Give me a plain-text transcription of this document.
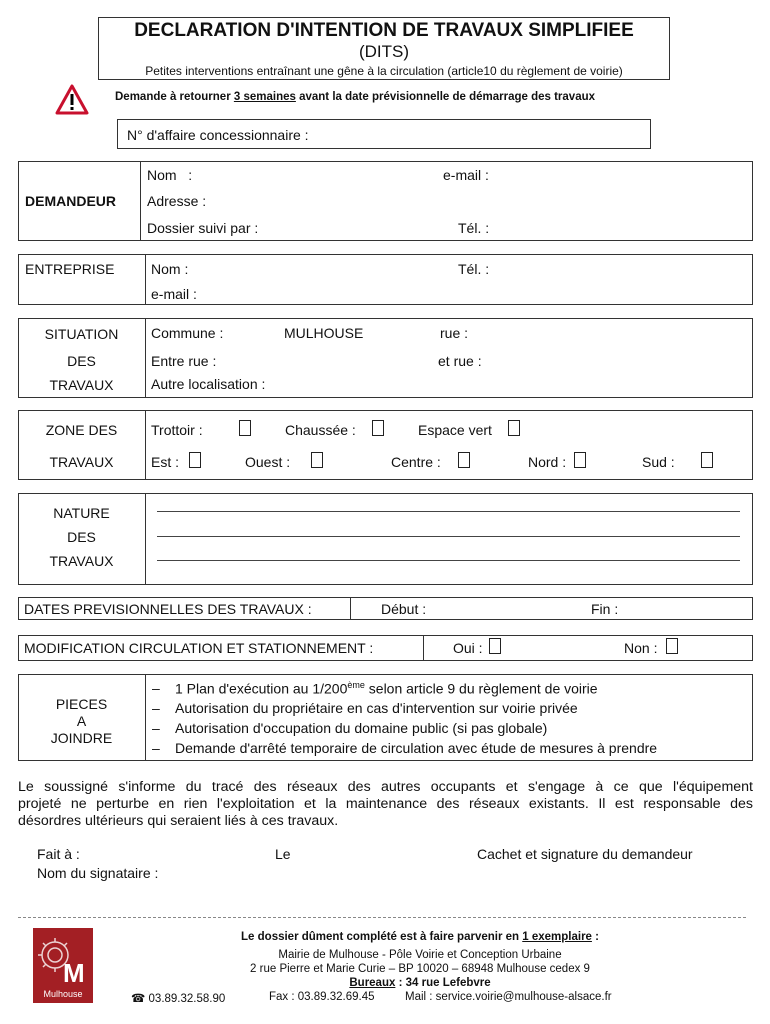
DECLARATION D'INTENTION DE TRAVAUX SIMPLIFIEE
(DITS)
Petites interventions entraînant une gêne à la circulation (article10 du règlement de voirie)
Demande à retourner 3 semaines avant la date prévisionnelle de démarrage des travaux
N° d'affaire concessionnaire :
DEMANDEUR
Nom   :	e-mail :
Adresse :
Dossier suivi par :	Tél. :
ENTREPRISE	Nom :	Tél. :
e-mail :
SITUATION
DES
TRAVAUX
Commune :	MULHOUSE	rue :
Entre rue :	et rue :
Autre localisation :
ZONE DES
TRAVAUX
Trottoir :	Chaussée :	Espace vert
Est :	Ouest :	Centre :	Nord :	Sud :
NATURE
DES
TRAVAUX
DATES PREVISIONNELLES DES TRAVAUX :	Début :	Fin :
MODIFICATION CIRCULATION ET STATIONNEMENT :	Oui :	Non :
PIECES
A
JOINDRE
– 1 Plan d'exécution au 1/200ème selon article 9 du règlement de voirie
– Autorisation du propriétaire en cas d'intervention sur voirie privée
– Autorisation d'occupation du domaine public (si pas globale)
– Demande d'arrêté temporaire de circulation avec étude de mesures à prendre
Le soussigné s'informe du tracé des réseaux des autres occupants et s'engage à ce que l'équipement
projeté ne perturbe en rien l'exploitation et la maintenance des réseaux existants. Il est responsable des
désordres ultérieurs qui seraient liés à ces travaux.
Fait à :	Le	Cachet et signature du demandeur
Nom du signataire :
M
Mulhouse
Le dossier dûment complété est à faire parvenir en 1 exemplaire :
Mairie de Mulhouse - Pôle Voirie et Conception Urbaine
2 rue Pierre et Marie Curie – BP 10020 – 68948 Mulhouse cedex 9
Bureaux : 34 rue Lefebvre
☎ 03.89.32.58.90	Fax : 03.89.32.69.45	Mail : service.voirie@mulhouse-alsace.fr
